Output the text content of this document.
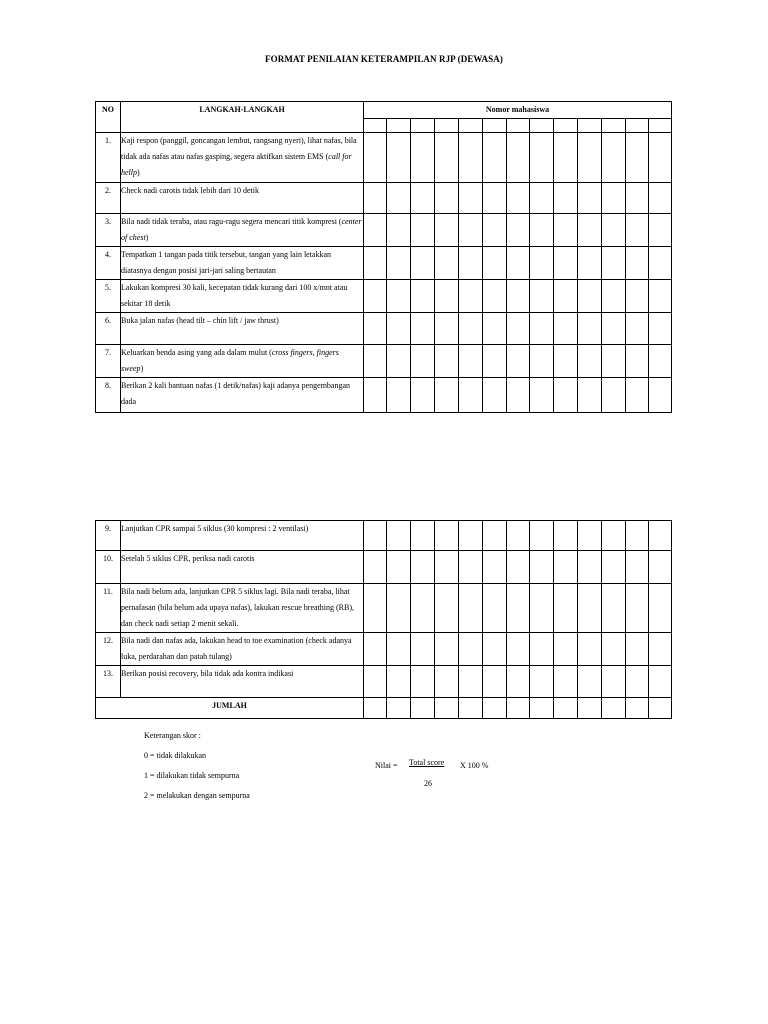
FORMAT PENILAIAN KETERAMPILAN RJP (DEWASA)
NO	LANGKAH-LANGKAH	Nomor mahasiswa												

1.	Kaji respon (panggil, goncangan lembut, rangsang nyeri), lihat nafas, bila tidak ada nafas atau nafas gasping, segera aktifkan sistem EMS (call for hellp)													
2.	Check nadi carotis tidak lebih dari 10 detik													
3.	Bila nadi tidak teraba, atau ragu-ragu segera mencari titik kompresi (center of chest)													
4.	Tempatkan 1 tangan pada titik tersebut, tangan yang lain letakkan diatasnya dengan posisi jari-jari saling bertautan													
5.	Lakukan kompresi 30 kali, kecepatan tidak kurang dari 100 x/mnt atau sekitar 18 detik													
6.	Buka jalan nafas (head tilt – chin lift / jaw thrust)													
7.	Keluarkan benda asing yang ada dalam mulut (cross fingers, fingers sweep)													
8.	Berikan 2 kali bantuan nafas (1 detik/nafas) kaji adanya pengembangan dada													
9.	Lanjutkan CPR sampai 5 siklus (30 kompresi : 2 ventilasi)													
10.	Setelah 5 siklus CPR, periksa nadi carotis													
11.	Bila nadi belum ada, lanjutkan CPR 5 siklus lagi. Bila nadi teraba, lihat pernafasan (bila belum ada upaya nafas), lakukan rescue breathing (RB), dan check nadi setiap 2 menit sekali.													
12.	Bila nadi dan nafas ada, lakukan head to toe examination (check adanya luka, perdarahan dan patah tulang)													
13.	Berikan posisi recovery, bila tidak ada kontra indikasi													
JUMLAH														
Keterangan skor :
0 = tidak dilakukan
1 = dilakukan tidak sempurna
2 = melakukan dengan sempurna
Nilai = Total score
26
X 100 %
